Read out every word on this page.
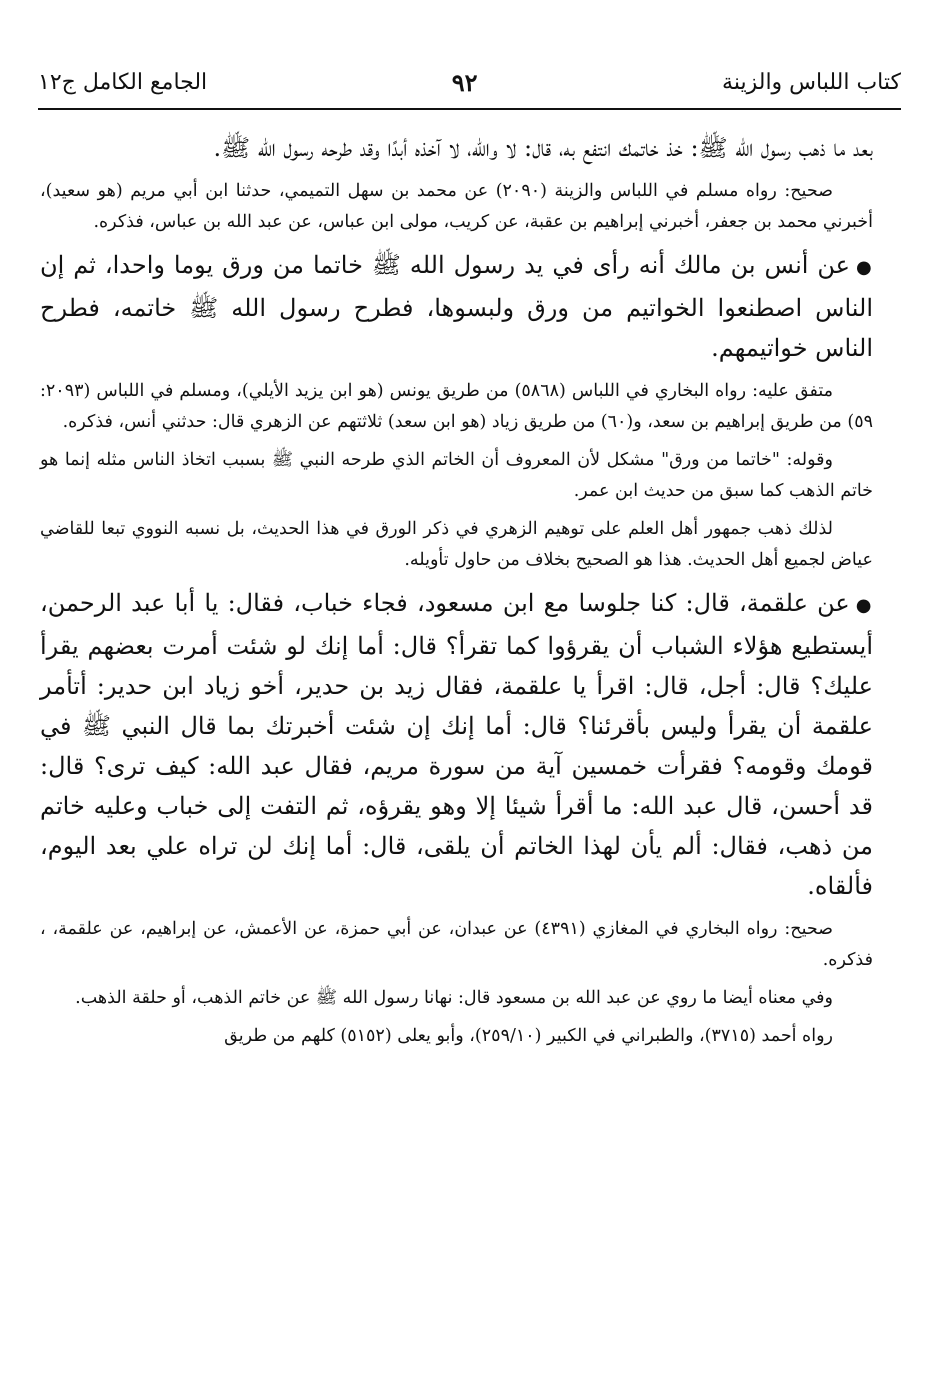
كتاب اللباس والزينة
٩٢
الجامع الكامل ج١٢

بعد ما ذهب رسول الله ﷺ: خذ خاتمك انتفع به، قال: لا والله، لا آخذه أبدًا وقد طرحه رسول الله ﷺ.

صحيح: رواه مسلم في اللباس والزينة (٢٠٩٠) عن محمد بن سهل التميمي، حدثنا ابن أبي مريم (هو سعيد)، أخبرني محمد بن جعفر، أخبرني إبراهيم بن عقبة، عن كريب، مولى ابن عباس، عن عبد الله بن عباس، فذكره.

●عن أنس بن مالك أنه رأى في يد رسول الله ﷺ خاتما من ورق يوما واحدا، ثم إن الناس اصطنعوا الخواتيم من ورق ولبسوها، فطرح رسول الله ﷺ خاتمه، فطرح الناس خواتيمهم.

متفق عليه: رواه البخاري في اللباس (٥٨٦٨) من طريق يونس (هو ابن يزيد الأيلي)، ومسلم في اللباس (٢٠٩٣: ٥٩) من طريق إبراهيم بن سعد، و(٦٠) من طريق زياد (هو ابن سعد) ثلاثتهم عن الزهري قال: حدثني أنس، فذكره.

وقوله: "خاتما من ورق" مشكل لأن المعروف أن الخاتم الذي طرحه النبي ﷺ بسبب اتخاذ الناس مثله إنما هو خاتم الذهب كما سبق من حديث ابن عمر.

لذلك ذهب جمهور أهل العلم على توهيم الزهري في ذكر الورق في هذا الحديث، بل نسبه النووي تبعا للقاضي عياض لجميع أهل الحديث. هذا هو الصحيح بخلاف من حاول تأويله.

●عن علقمة، قال: كنا جلوسا مع ابن مسعود، فجاء خباب، فقال: يا أبا عبد الرحمن، أيستطيع هؤلاء الشباب أن يقرؤوا كما تقرأ؟ قال: أما إنك لو شئت أمرت بعضهم يقرأ عليك؟ قال: أجل، قال: اقرأ يا علقمة، فقال زيد بن حدير، أخو زياد ابن حدير: أتأمر علقمة أن يقرأ وليس بأقرئنا؟ قال: أما إنك إن شئت أخبرتك بما قال النبي ﷺ في قومك وقومه؟ فقرأت خمسين آية من سورة مريم، فقال عبد الله: كيف ترى؟ قال: قد أحسن، قال عبد الله: ما أقرأ شيئا إلا وهو يقرؤه، ثم التفت إلى خباب وعليه خاتم من ذهب، فقال: ألم يأن لهذا الخاتم أن يلقى، قال: أما إنك لن تراه علي بعد اليوم، فألقاه.

صحيح: رواه البخاري في المغازي (٤٣٩١) عن عبدان، عن أبي حمزة، عن الأعمش، عن إبراهيم، عن علقمة، ، فذكره.

وفي معناه أيضا ما روي عن عبد الله بن مسعود قال: نهانا رسول الله ﷺ عن خاتم الذهب، أو حلقة الذهب.

رواه أحمد (٣٧١٥)، والطبراني في الكبير (٢٥٩/١٠)، وأبو يعلى (٥١٥٢) كلهم من طريق
